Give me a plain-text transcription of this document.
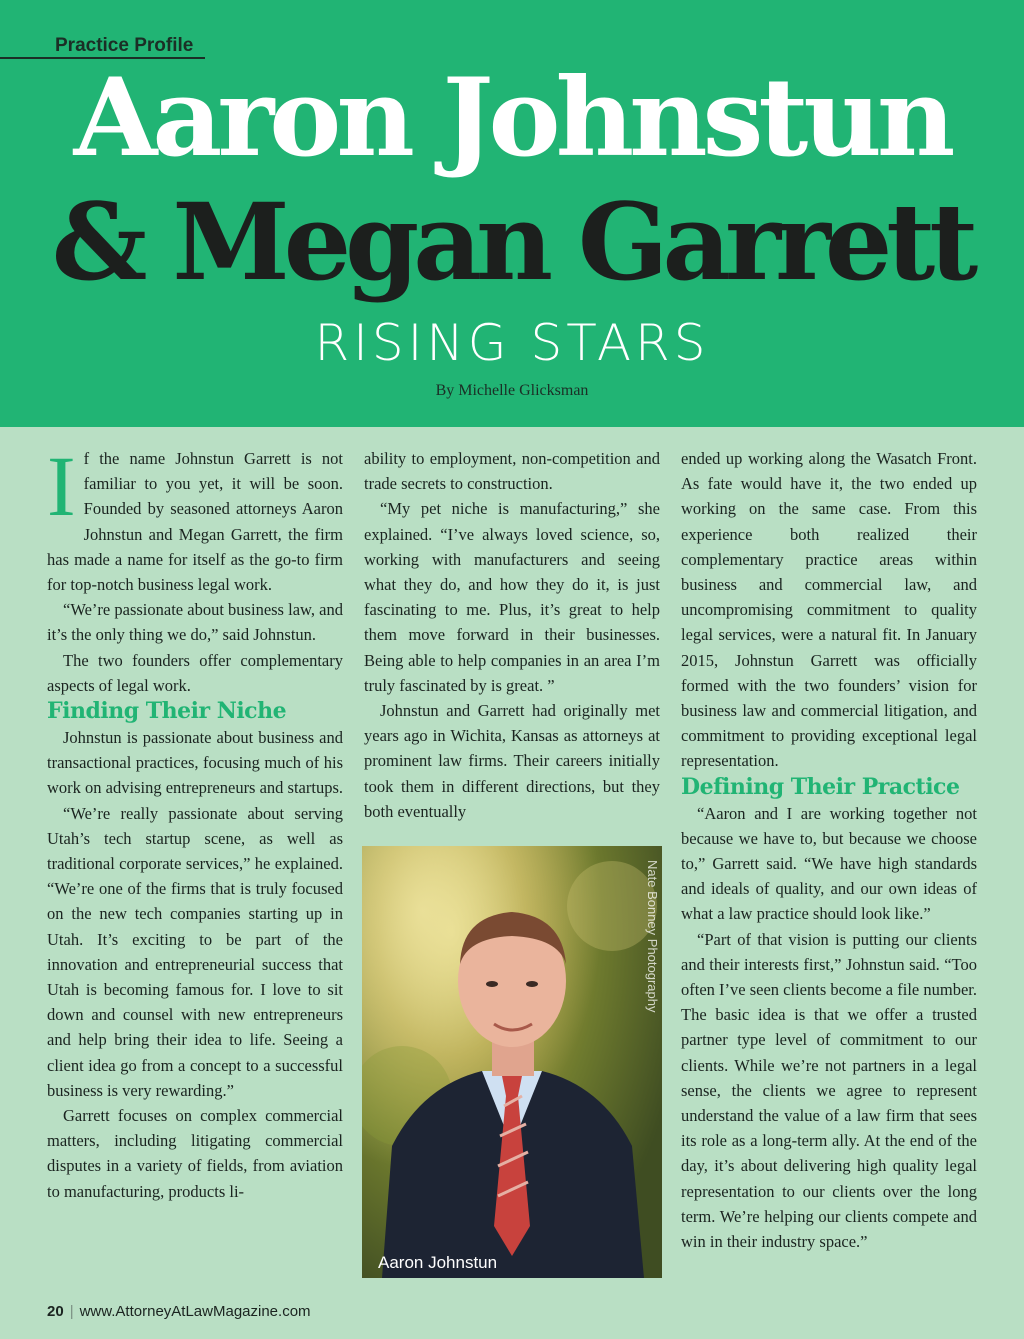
Practice Profile
Aaron Johnstun
& Megan Garrett
RISING STARS
By Michelle Glicksman

If the name Johnstun Garrett is not familiar to you yet, it will be soon. Founded by seasoned attorneys Aaron Johnstun and Megan Garrett, the firm has made a name for itself as the go-to firm for top-notch business legal work.

“We’re passionate about business law, and it’s the only thing we do,” said Johnstun.

The two founders offer complementary aspects of legal work.

Finding Their Niche

Johnstun is passionate about business and transactional practices, focusing much of his work on advising entrepreneurs and startups.

“We’re really passionate about serving Utah’s tech startup scene, as well as traditional corporate services,” he explained. “We’re one of the firms that is truly focused on the new tech companies starting up in Utah. It’s exciting to be part of the innovation and entrepreneurial success that Utah is becoming famous for. I love to sit down and counsel with new entrepreneurs and help bring their idea to life. Seeing a client idea go from a concept to a successful business is very rewarding.”

Garrett focuses on complex commercial matters, including litigating commercial disputes in a variety of fields, from aviation to manufacturing, products li-

ability to employment, non-competition and trade secrets to construction.

“My pet niche is manufacturing,” she explained. “I’ve always loved science, so, working with manufacturers and seeing what they do, and how they do it, is just fascinating to me. Plus, it’s great to help them move forward in their businesses. Being able to help companies in an area I’m truly fascinated by is great. ”

Johnstun and Garrett had originally met years ago in Wichita, Kansas as attorneys at prominent law firms. Their careers initially took them in different directions, but they both eventually

Nate Bonney Photography
Aaron Johnstun

ended up working along the Wasatch Front. As fate would have it, the two ended up working on the same case. From this experience both realized their complementary practice areas within business and commercial law, and uncompromising commitment to quality legal services, were a natural fit. In January 2015, Johnstun Garrett was officially formed with the two founders’ vision for business law and commercial litigation, and commitment to providing exceptional legal representation.

Defining Their Practice

“Aaron and I are working together not because we have to, but because we choose to,” Garrett said. “We have high standards and ideals of quality, and our own ideas of what a law practice should look like.”

“Part of that vision is putting our clients and their interests first,” Johnstun said. “Too often I’ve seen clients become a file number. The basic idea is that we offer a trusted partner type level of commitment to our clients. While we’re not partners in a legal sense, the clients we agree to represent understand the value of a law firm that sees its role as a long-term ally. At the end of the day, it’s about delivering high quality legal representation to our clients over the long term. We’re helping our clients compete and win in their industry space.”

20 | www.AttorneyAtLawMagazine.com
